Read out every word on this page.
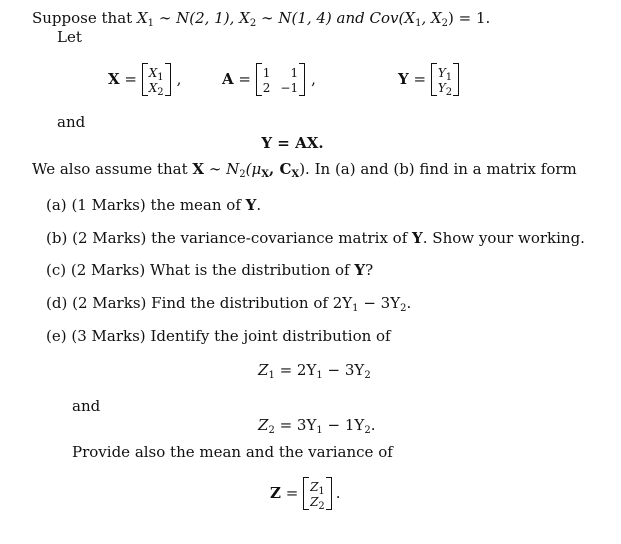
Suppose that $X_1$ ∼ N(2, 1), $X_2$ ∼ N(1, 4) and $Cov(X_1$, $X_2) = 1$.
Let
$X = X_1$
$X_2$
,	A = 1	1
2 −1 ,	$Y = Y_1$
$Y_2$
and
Y = AX.
We also assume that X ∼ $N_2(\mu_X$, $C_X$). In (a) and (b) find in a matrix form
(a) (1 Marks) the mean of Y.
(b) (2 Marks) the variance-covariance matrix of Y. Show your working.
(c) (2 Marks) What is the distribution of Y?
(d) (2 Marks) Find the distribution of $2Y_1 - 3Y_2$.
(e) (3 Marks) Identify the joint distribution of
$Z_1 = 2Y_1 - 3Y_2$
and
$Z_2 = 3Y_1 - 1Y_2$.
Provide also the mean and the variance of
$Z = Z_1$
$Z_2$
.
